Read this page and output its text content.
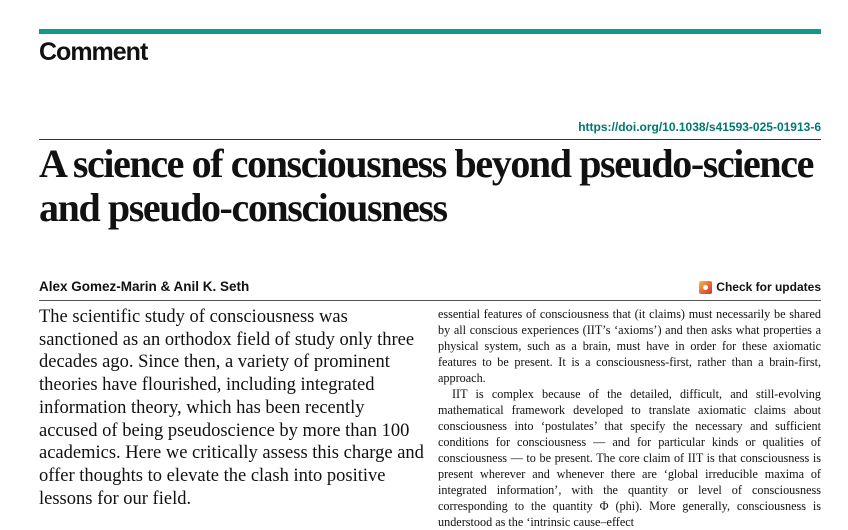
Comment
https://doi.org/10.1038/s41593-025-01913-6
A science of consciousness beyond pseudo-science and pseudo-consciousness
Alex Gomez-Marin & Anil K. Seth	Check for updates

The scientific study of consciousness was sanctioned as an orthodox field of study only three decades ago. Since then, a variety of prominent theories have flourished, including integrated information theory, which has been recently accused of being pseudoscience by more than 100 academics. Here we critically assess this charge and offer thoughts to elevate the clash into positive lessons for our field.

essential features of consciousness that (it claims) must necessarily be shared by all conscious experiences (IIT’s ‘axioms’) and then asks what properties a physical system, such as a brain, must have in order for these axiomatic features to be present. It is a consciousness-first, rather than a brain-first, approach.

IIT is complex because of the detailed, difficult, and still-evolving mathematical framework developed to translate axiomatic claims about consciousness into ‘postulates’ that specify the necessary and sufficient conditions for consciousness — and for particular kinds or qualities of consciousness — to be present. The core claim of IIT is that consciousness is present wherever and whenever there are ‘global irreducible maxima of integrated information’, with the quantity or level of consciousness corresponding to the quantity Φ (phi). More generally, consciousness is understood as the ‘intrinsic cause–effect
